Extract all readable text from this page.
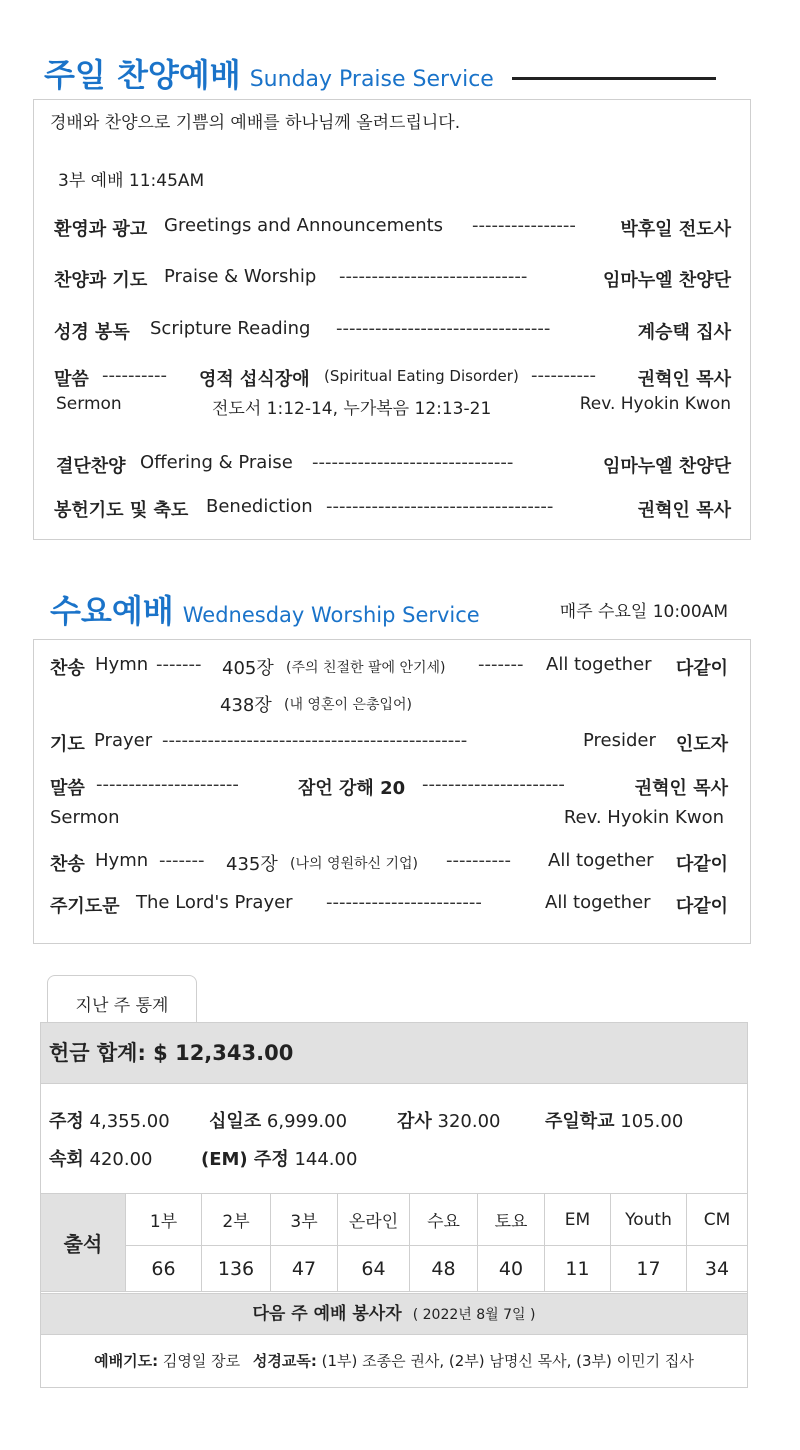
주일 찬양예배 Sunday Praise Service
경배와 찬양으로 기쁨의 예배를 하나님께 올려드립니다.
3부 예배 11:45AM
환영과 광고 Greetings and Announcements ---------------- 박후일 전도사
찬양과 기도 Praise & Worship -----------------------------	임마누엘 찬양단
성경 봉독 Scripture Reading ---------------------------------	계승택 집사
말씀 ---------- 영적 섭식장애 (Spiritual Eating Disorder) ---------- 권혁인 목사
Sermon	전도서 1:12-14, 누가복음 12:13-21	Rev. Hyokin Kwon
결단찬양 Offering & Praise -------------------------------	임마누엘 찬양단
봉헌기도 및 축도 Benediction -----------------------------------	권혁인 목사
수요예배 Wednesday Worship Service	매주 수요일 10:00AM
찬송 Hymn ------- 405장 (주의 친절한 팔에 안기세) ------- All together 다같이
438장 (내 영혼이 은총입어)
기도 Prayer -----------------------------------------------	Presider 인도자
말씀 ----------------------	잠언 강해 20 ----------------------	권혁인 목사
Sermon	Rev. Hyokin Kwon
찬송 Hymn ------- 435장 (나의 영원하신 기업) ---------- All together 다같이
주기도문 The Lord's Prayer ------------------------	All together 다같이
지난 주 통계
헌금 합계: $ 12,343.00
주정 4,355.00 십일조 6,999.00	감사 320.00 주일학교 105.00
속회 420.00	(EM) 주정 144.00
출석	1부	2부	3부	온라인	수요	토요	EM	Youth	CM
	66	136	47	64	48	40	11	17	34
다음 주 예배 봉사자 ( 2022년 8월 7일 )
예배기도: 김영일 장로 성경교독: (1부) 조종은 권사, (2부) 남명신 목사, (3부) 이민기 집사
